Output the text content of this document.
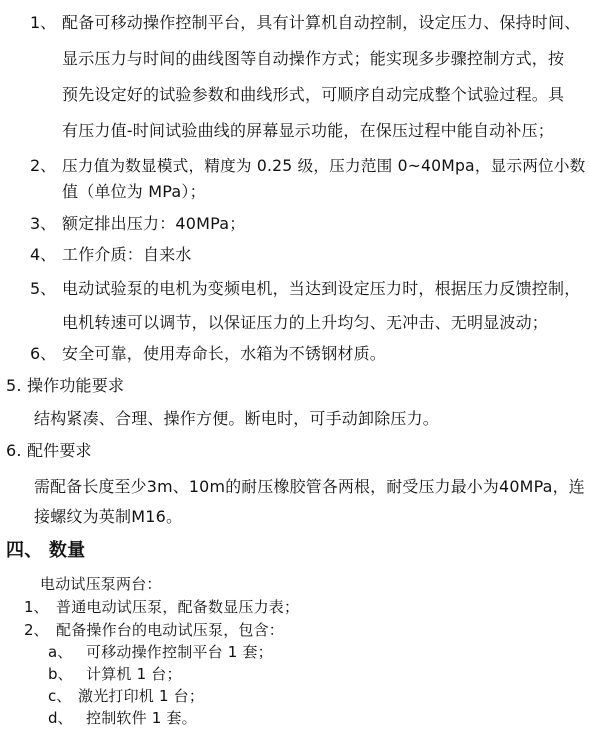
1、 配备可移动操作控制平台，具有计算机自动控制，设定压力、保持时间、
显示压力与时间的曲线图等自动操作方式；能实现多步骤控制方式，按
预先设定好的试验参数和曲线形式，可顺序自动完成整个试验过程。具
有压力值-时间试验曲线的屏幕显示功能，在保压过程中能自动补压；
2、 压力值为数显模式，精度为 0.25 级，压力范围 0~40Mpa，显示两位小数
值（单位为 MPa）；
3、 额定排出压力：40MPa；
4、 工作介质：自来水
5、 电动试验泵的电机为变频电机，当达到设定压力时，根据压力反馈控制，
电机转速可以调节，以保证压力的上升均匀、无冲击、无明显波动；
6、 安全可靠，使用寿命长，水箱为不锈钢材质。
5. 操作功能要求
结构紧凑、合理、操作方便。断电时，可手动卸除压力。
6. 配件要求
需配备长度至少3m、10m的耐压橡胶管各两根，耐受压力最小为40MPa，连
接螺纹为英制M16。
四、 数量
电动试压泵两台：
1、 普通电动试压泵，配备数显压力表；
2、 配备操作台的电动试压泵，包含：
a、 可移动操作控制平台 1 套；
b、 计算机 1 台；
c、 激光打印机 1 台；
d、 控制软件 1 套。
